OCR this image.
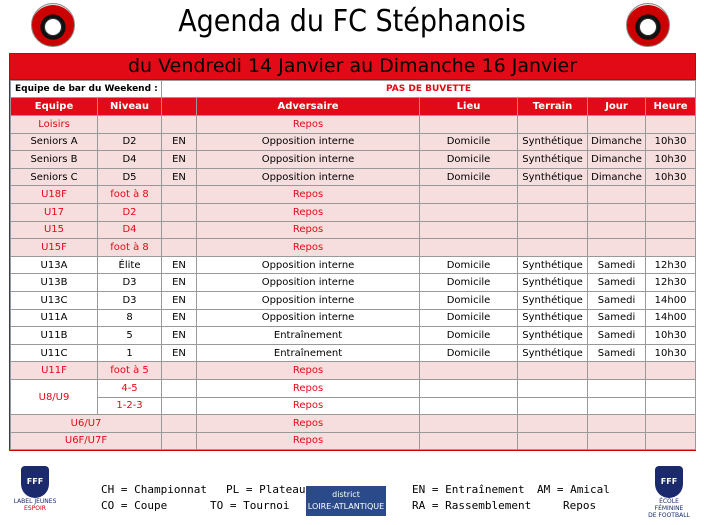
Agenda du FC Stéphanois
du Vendredi 14 Janvier au Dimanche 16 Janvier
Equipe de bar du Weekend :		PAS DE BUVETTE					
Equipe	Niveau		Adversaire	Lieu	Terrain	Jour	Heure
Loisirs			Repos				
Seniors A	D2	EN	Opposition interne	Domicile	Synthétique	Dimanche	10h30
Seniors B	D4	EN	Opposition interne	Domicile	Synthétique	Dimanche	10h30
Seniors C	D5	EN	Opposition interne	Domicile	Synthétique	Dimanche	10h30
U18F	foot à 8		Repos				
U17	D2		Repos				
U15	D4		Repos				
U15F	foot à 8		Repos				
U13A	Élite	EN	Opposition interne	Domicile	Synthétique	Samedi	12h30
U13B	D3	EN	Opposition interne	Domicile	Synthétique	Samedi	12h30
U13C	D3	EN	Opposition interne	Domicile	Synthétique	Samedi	14h00
U11A	8	EN	Opposition interne	Domicile	Synthétique	Samedi	14h00
U11B	5	EN	Entraînement	Domicile	Synthétique	Samedi	10h30
U11C	1	EN	Entraînement	Domicile	Synthétique	Samedi	10h30
U11F	foot à 5		Repos				
U8/U9	4-5		Repos				
	1-2-3		Repos				
U6/U7			Repos				
U6F/U7F			Repos				
FFF
LABEL JEUNES
ESPOIR
CH = Championnat
CO = Coupe
PL = Plateau
TO = Tournoi
district
LOIRE-ATLANTIQUE
EN = Entraînement
RA = Rassemblement
AM = Amical
Repos
FFF
ÉCOLE FÉMININE
DE FOOTBALL
